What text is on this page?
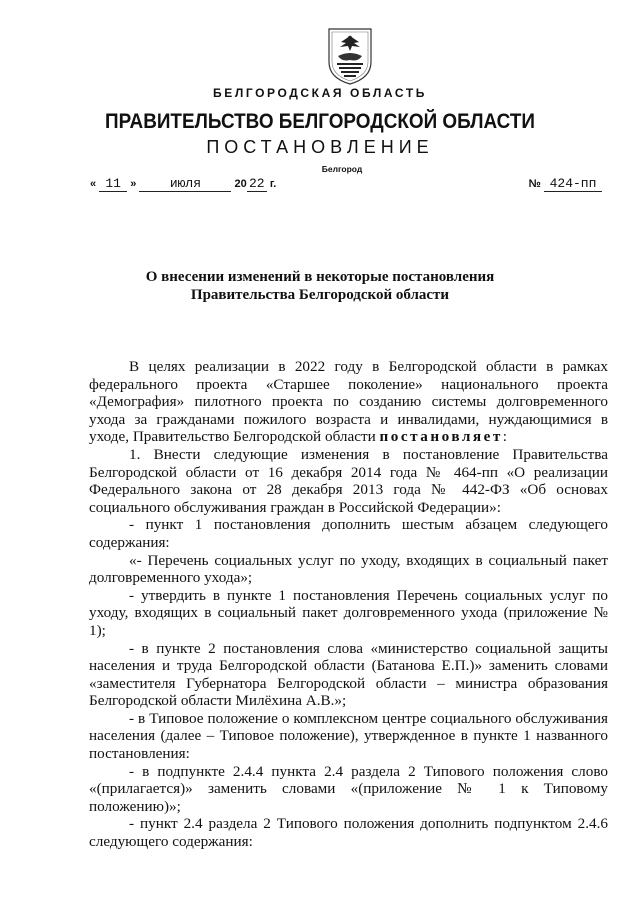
БЕЛГОРОДСКАЯ ОБЛАСТЬ
ПРАВИТЕЛЬСТВО БЕЛГОРОДСКОЙ ОБЛАСТИ
ПОСТАНОВЛЕНИЕ
Белгород
« 11 »	июля	20 22 г.	№ 424-пп
О внесении изменений в некоторые постановления
Правительства Белгородской области

В целях реализации в 2022 году в Белгородской области в рамках федерального проекта «Старшее поколение» национального проекта «Демография» пилотного проекта по созданию системы долговременного ухода за гражданами пожилого возраста и инвалидами, нуждающимися в уходе, Правительство Белгородской области постановляет:

1. Внести следующие изменения в постановление Правительства Белгородской области от 16 декабря 2014 года № 464-пп «О реализации Федерального закона от 28 декабря 2013 года № 442-ФЗ «Об основах социального обслуживания граждан в Российской Федерации»:

- пункт 1 постановления дополнить шестым абзацем следующего содержания:

«- Перечень социальных услуг по уходу, входящих в социальный пакет долговременного ухода»;

- утвердить в пункте 1 постановления Перечень социальных услуг по уходу, входящих в социальный пакет долговременного ухода (приложение № 1);

- в пункте 2 постановления слова «министерство социальной защиты населения и труда Белгородской области (Батанова Е.П.)» заменить словами «заместителя Губернатора Белгородской области – министра образования Белгородской области Милёхина А.В.»;

- в Типовое положение о комплексном центре социального обслуживания населения (далее – Типовое положение), утвержденное в пункте 1 названного постановления:

- в подпункте 2.4.4 пункта 2.4 раздела 2 Типового положения слово «(прилагается)» заменить словами «(приложение № 1 к Типовому положению)»;

- пункт 2.4 раздела 2 Типового положения дополнить подпунктом 2.4.6 следующего содержания:
